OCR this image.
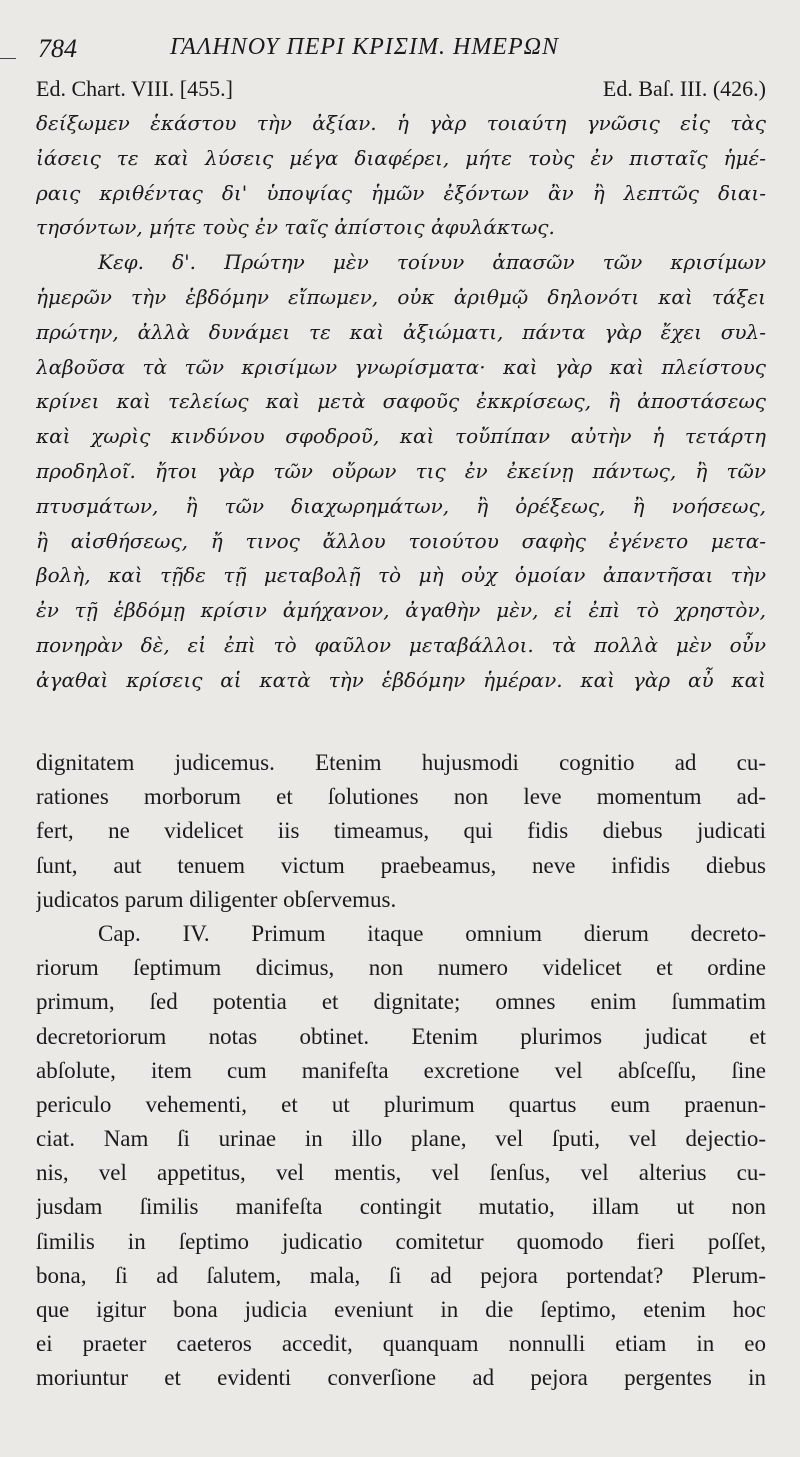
784	ΓΑΛΗΝΟΥ ΠΕΡΙ ΚΡΙΣΙΜ. ΗΜΕΡΩΝ
Ed. Chart. VIII. [455.]	Ed. Baſ. III. (426.)
δείξωμεν ἑκάστου τὴν ἀξίαν. ἡ γὰρ τοιαύτη γνῶσις εἰς τὰς
ἰάσεις τε καὶ λύσεις μέγα διαφέρει, μήτε τοὺς ἐν πισταῖς ἡμέ-
ραις κριθέντας δι' ὑποψίας ἡμῶν ἐξόντων ἂν ἢ λεπτῶς διαι-
τησόντων, μήτε τοὺς ἐν ταῖς ἀπίστοις ἀφυλάκτως.
Κεφ. δ'. Πρώτην μὲν τοίνυν ἁπασῶν τῶν κρισίμων
ἡμερῶν τὴν ἑβδόμην εἴπωμεν, οὐκ ἀριθμῷ δηλονότι καὶ τάξει
πρώτην, ἀλλὰ δυνάμει τε καὶ ἀξιώματι, πάντα γὰρ ἔχει συλ-
λαβοῦσα τὰ τῶν κρισίμων γνωρίσματα· καὶ γὰρ καὶ πλείστους
κρίνει καὶ τελείως καὶ μετὰ σαφοῦς ἐκκρίσεως, ἢ ἀποστάσεως
καὶ χωρὶς κινδύνου σφοδροῦ, καὶ τοὔπίπαν αὐτὴν ἡ τετάρτη
προδηλοῖ. ἤτοι γὰρ τῶν οὔρων τις ἐν ἐκείνῃ πάντως, ἢ τῶν
πτυσμάτων, ἢ τῶν διαχωρημάτων, ἢ ὀρέξεως, ἢ νοήσεως,
ἢ αἰσθήσεως, ἤ τινος ἄλλου τοιούτου σαφὴς ἐγένετο μετα-
βολὴ, καὶ τῇδε τῇ μεταβολῇ τὸ μὴ οὐχ ὁμοίαν ἀπαντῆσαι τὴν
ἐν τῇ ἑβδόμῃ κρίσιν ἀμήχανον, ἀγαθὴν μὲν, εἰ ἐπὶ τὸ χρηστὸν,
πονηρὰν δὲ, εἰ ἐπὶ τὸ φαῦλον μεταβάλλοι. τὰ πολλὰ μὲν οὖν
ἀγαθαὶ κρίσεις αἱ κατὰ τὴν ἑβδόμην ἡμέραν. καὶ γὰρ αὖ καὶ
dignitatem judicemus. Etenim hujusmodi cognitio ad cu-
rationes morborum et ſolutiones non leve momentum ad-
fert, ne videlicet iis timeamus, qui fidis diebus judicati
ſunt, aut tenuem victum praebeamus, neve infidis diebus
judicatos parum diligenter obſervemus.
Cap. IV. Primum itaque omnium dierum decreto-
riorum ſeptimum dicimus, non numero videlicet et ordine
primum, ſed potentia et dignitate; omnes enim ſummatim
decretoriorum notas obtinet. Etenim plurimos judicat et
abſolute, item cum manifeſta excretione vel abſceſſu, ſine
periculo vehementi, et ut plurimum quartus eum praenun-
ciat. Nam ſi urinae in illo plane, vel ſputi, vel dejectio-
nis, vel appetitus, vel mentis, vel ſenſus, vel alterius cu-
jusdam ſimilis manifeſta contingit mutatio, illam ut non
ſimilis in ſeptimo judicatio comitetur quomodo fieri poſſet,
bona, ſi ad ſalutem, mala, ſi ad pejora portendat? Plerum-
que igitur bona judicia eveniunt in die ſeptimo, etenim hoc
ei praeter caeteros accedit, quanquam nonnulli etiam in eo
moriuntur et evidenti converſione ad pejora pergentes in
